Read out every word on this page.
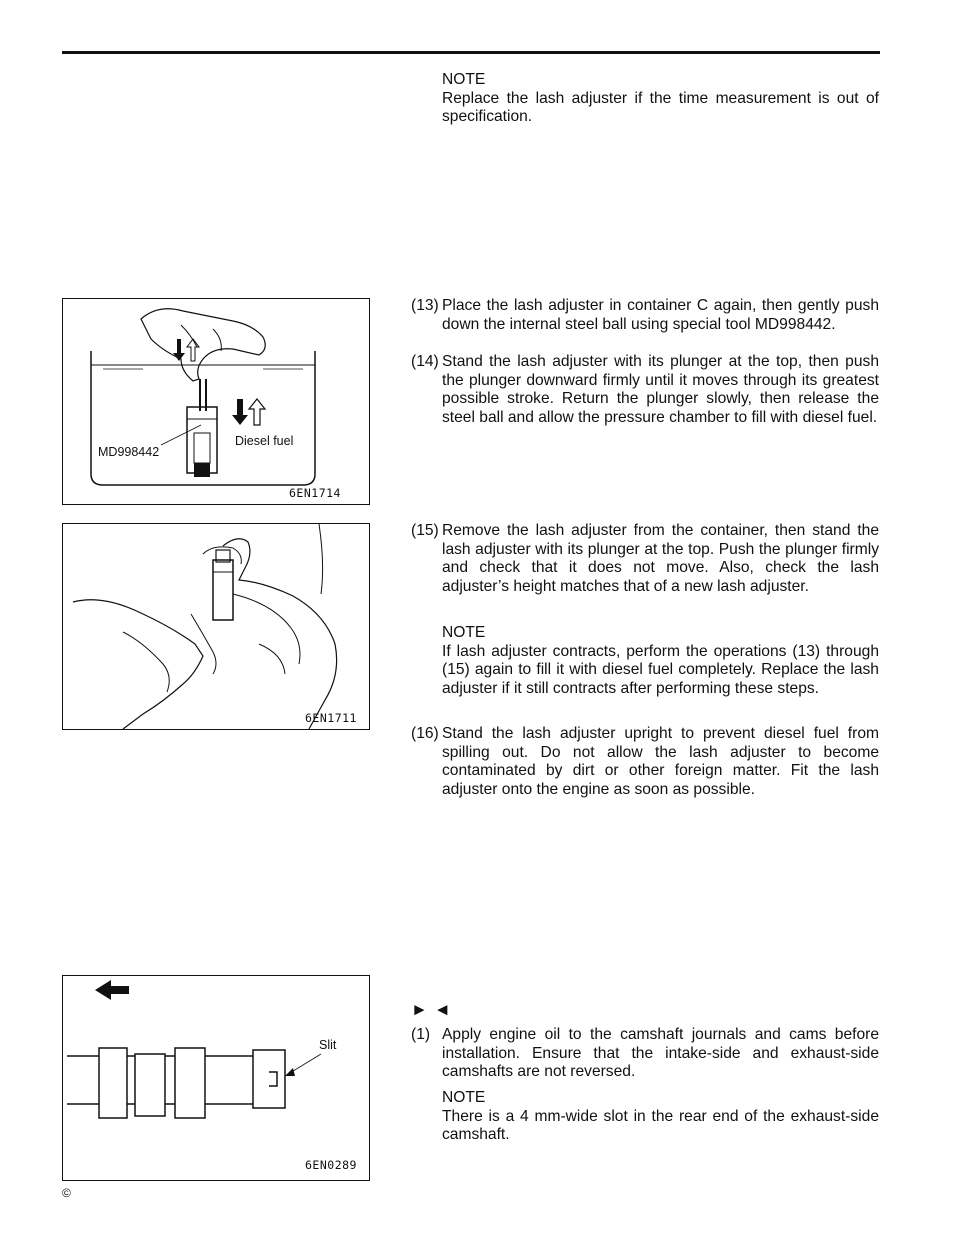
NOTE
Replace the lash adjuster if the time measurement is out of specification.
MD998442
Diesel fuel
6EN1714
(13) Place the lash adjuster in container C again, then gently push down the internal steel ball using special tool MD998442.
(14) Stand the lash adjuster with its plunger at the top, then push the plunger downward firmly until it moves through its greatest possible stroke. Return the plunger slowly, then release the steel ball and allow the pressure chamber to fill with diesel fuel.
6EN1711
(15) Remove the lash adjuster from the container, then stand the lash adjuster with its plunger at the top. Push the plunger firmly and check that it does not move. Also, check the lash adjuster’s height matches that of a new lash adjuster.
NOTE
If lash adjuster contracts, perform the operations (13) through (15) again to fill it with diesel fuel completely. Replace the lash adjuster if it still contracts after performing these steps.
(16) Stand the lash adjuster upright to prevent diesel fuel from spilling out. Do not allow the lash adjuster to become contaminated by dirt or other foreign matter. Fit the lash adjuster onto the engine as soon as possible.
Slit
6EN0289
►◄
(1) Apply engine oil to the camshaft journals and cams before installation. Ensure that the intake-side and exhaust-side camshafts are not reversed.
NOTE
There is a 4 mm-wide slot in the rear end of the exhaust-side camshaft.
©
